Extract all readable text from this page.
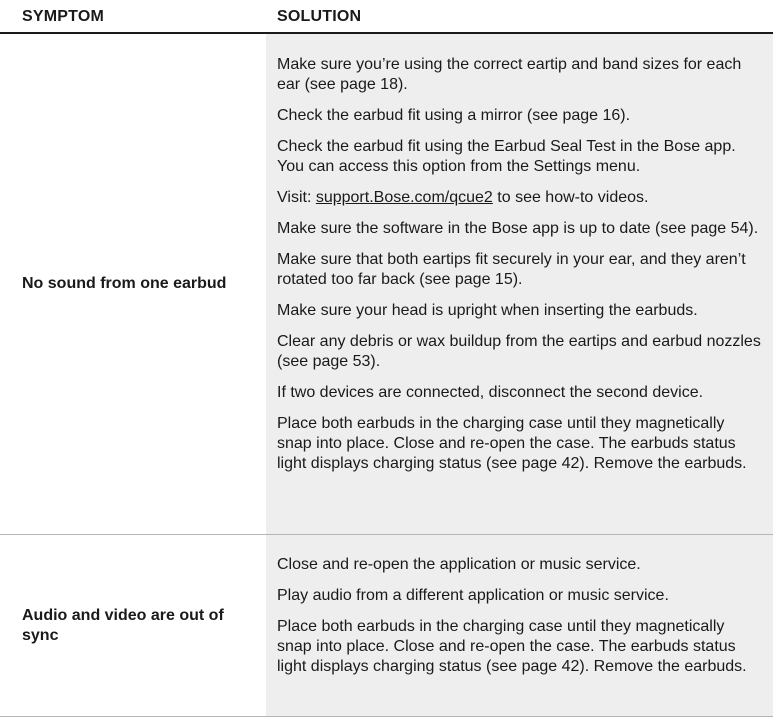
SYMPTOM	SOLUTION
No sound from one earbud

Make sure you’re using the correct eartip and band sizes for each ear (see page 18).

Check the earbud fit using a mirror (see page 16).

Check the earbud fit using the Earbud Seal Test in the Bose app. You can access this option from the Settings menu.

Visit: support.Bose.com/qcue2 to see how-to videos.

Make sure the software in the Bose app is up to date (see page 54).

Make sure that both eartips fit securely in your ear, and they aren’t rotated too far back (see page 15).

Make sure your head is upright when inserting the earbuds.

Clear any debris or wax buildup from the eartips and earbud nozzles (see page 53).

If two devices are connected, disconnect the second device.

Place both earbuds in the charging case until they magnetically snap into place. Close and re-open the case. The earbuds status light displays charging status (see page 42). Remove the earbuds.

Audio and video are out of sync

Close and re-open the application or music service.

Play audio from a different application or music service.

Place both earbuds in the charging case until they magnetically snap into place. Close and re-open the case. The earbuds status light displays charging status (see page 42). Remove the earbuds.
